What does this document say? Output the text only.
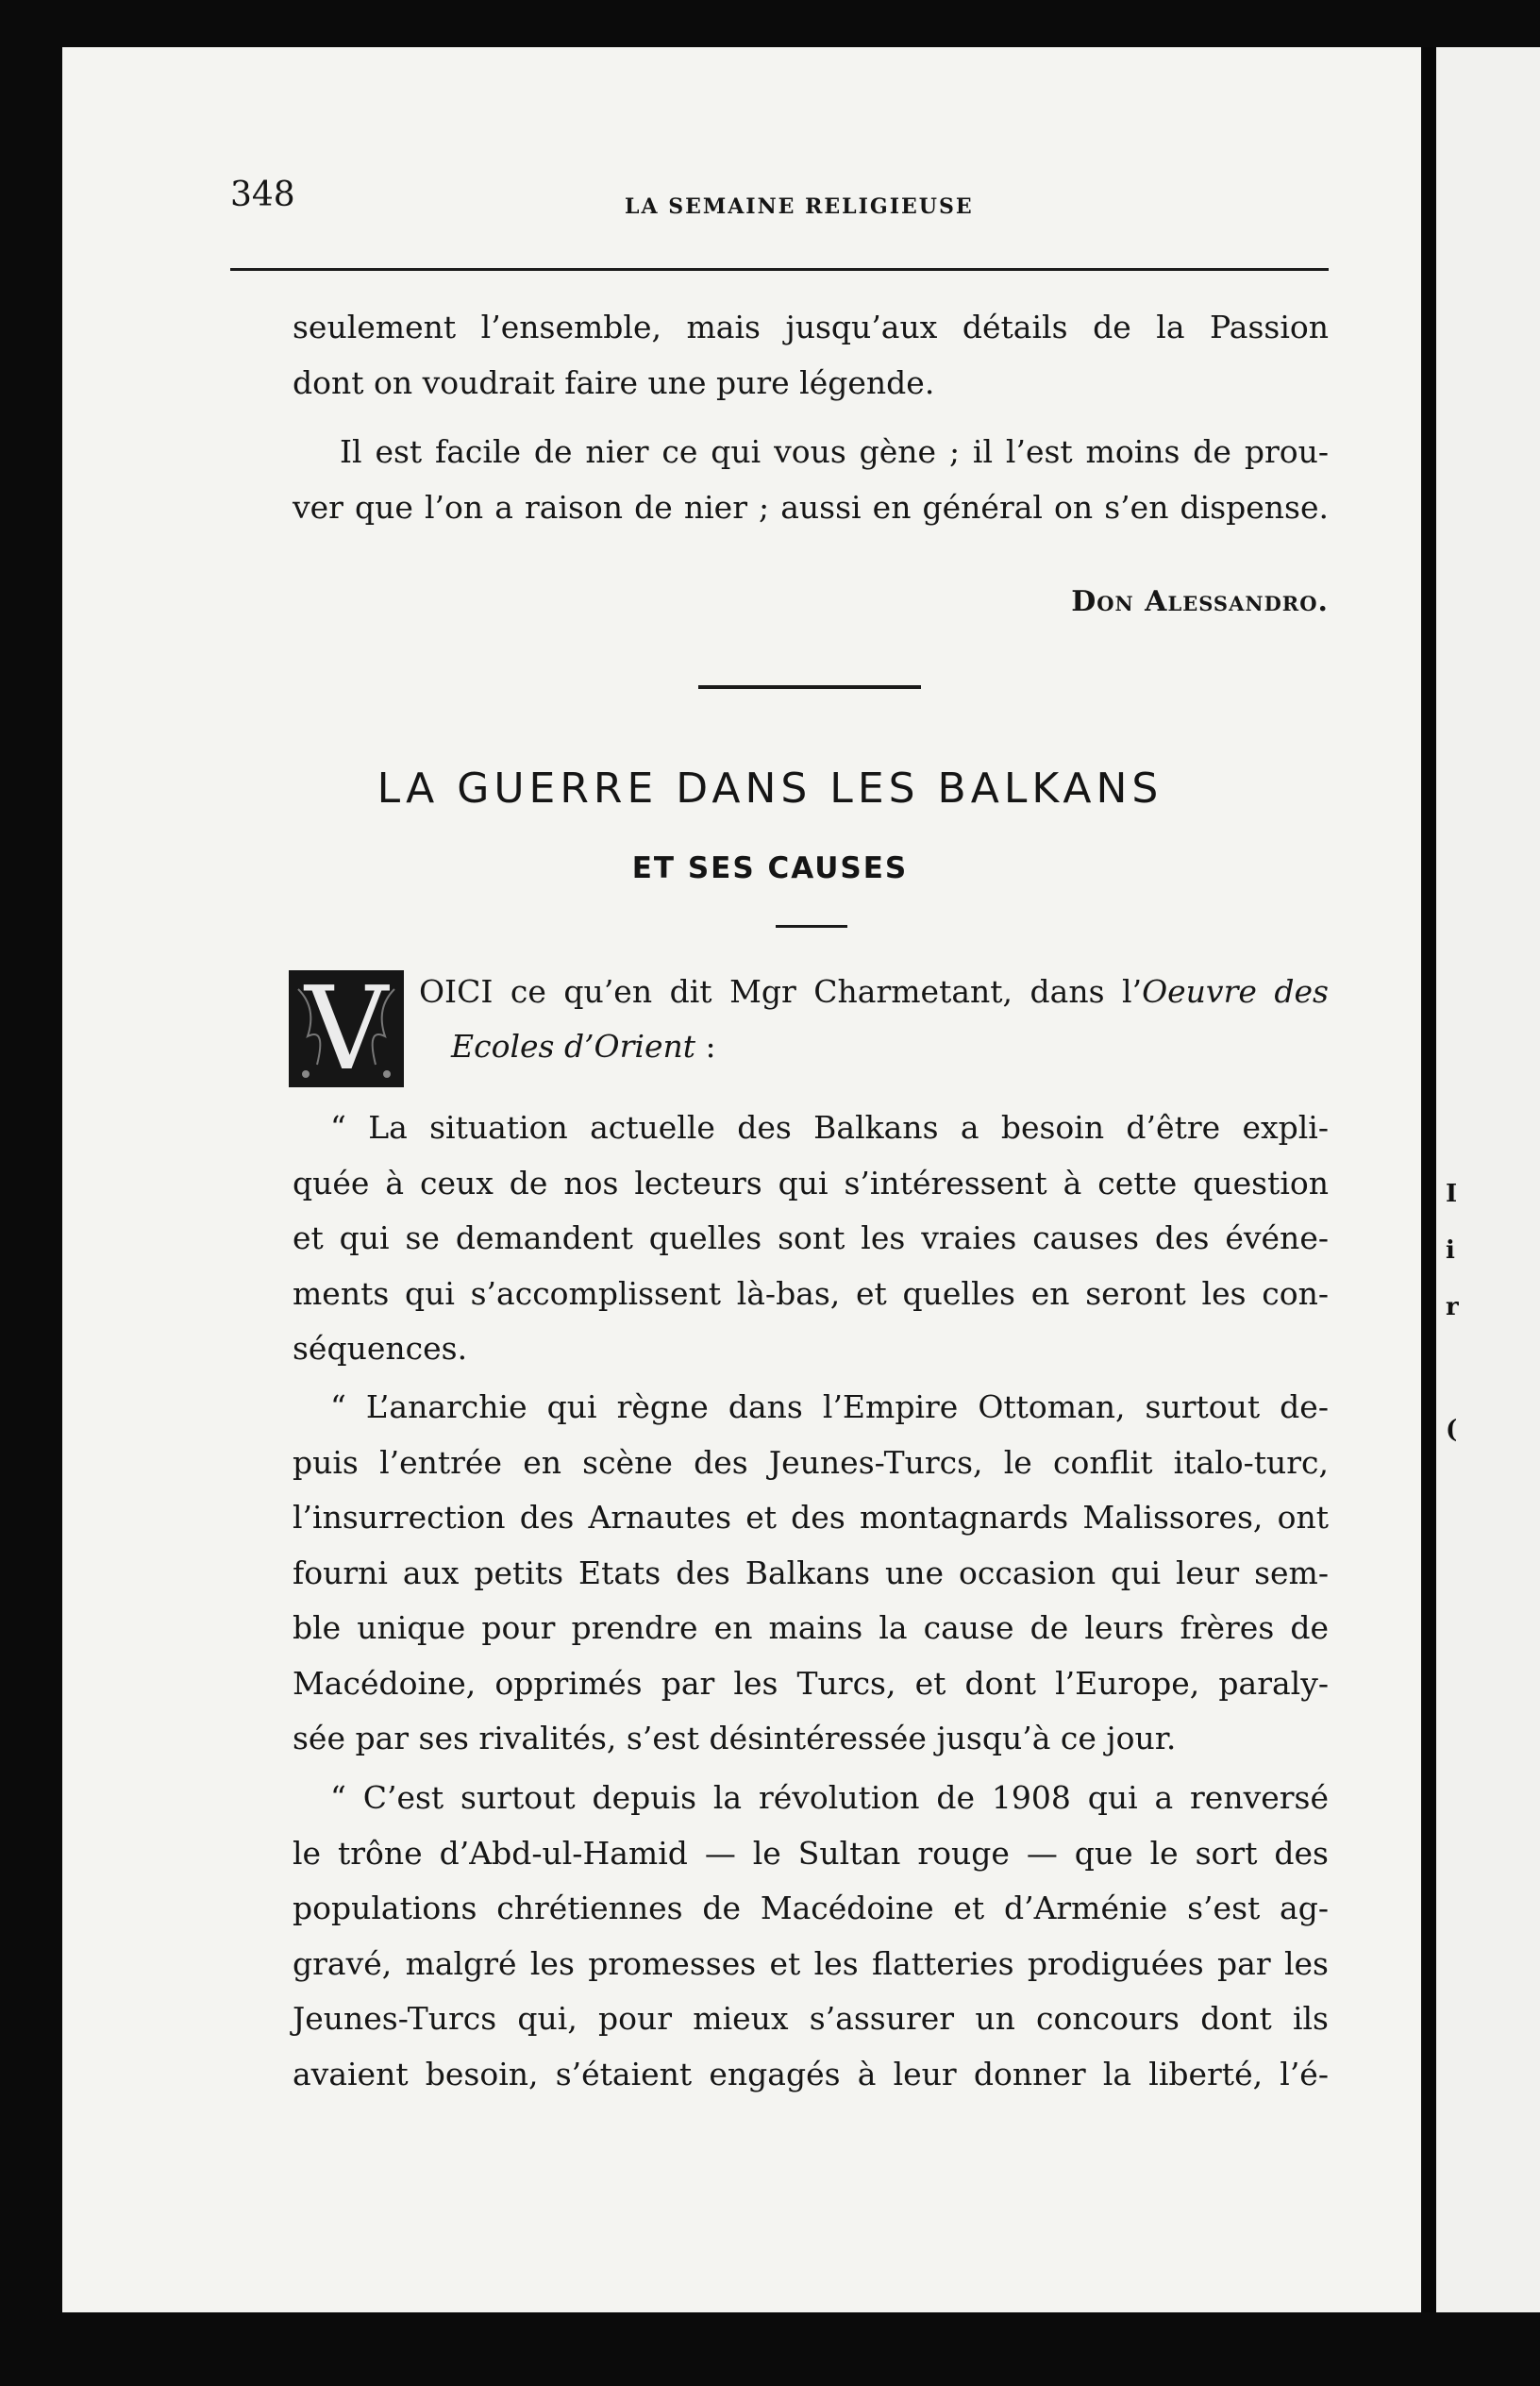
I
i
r
(
348	LA SEMAINE RELIGIEUSE
seulement l’ensemble, mais jusqu’aux détails de la Passion
dont on voudrait faire une pure légende.
Il est facile de nier ce qui vous gène ; il l’est moins de prou-
ver que l’on a raison de nier ; aussi en général on s’en dispense.
Don Alessandro.
LA GUERRE DANS LES BALKANS
ET SES CAUSES
V OICI ce qu’en dit Mgr Charmetant, dans l’Oeuvre des
Ecoles d’Orient :
“ La situation actuelle des Balkans a besoin d’être expli-
quée à ceux de nos lecteurs qui s’intéressent à cette question
et qui se demandent quelles sont les vraies causes des événe-
ments qui s’accomplissent là-bas, et quelles en seront les con-
séquences.
“ L’anarchie qui règne dans l’Empire Ottoman, surtout de-
puis l’entrée en scène des Jeunes-Turcs, le conflit italo-turc,
l’insurrection des Arnautes et des montagnards Malissores, ont
fourni aux petits Etats des Balkans une occasion qui leur sem-
ble unique pour prendre en mains la cause de leurs frères de
Macédoine, opprimés par les Turcs, et dont l’Europe, paraly-
sée par ses rivalités, s’est désintéressée jusqu’à ce jour.
“ C’est surtout depuis la révolution de 1908 qui a renversé
le trône d’Abd-ul-Hamid — le Sultan rouge — que le sort des
populations chrétiennes de Macédoine et d’Arménie s’est ag-
gravé, malgré les promesses et les flatteries prodiguées par les
Jeunes-Turcs qui, pour mieux s’assurer un concours dont ils
avaient besoin, s’étaient engagés à leur donner la liberté, l’é-
